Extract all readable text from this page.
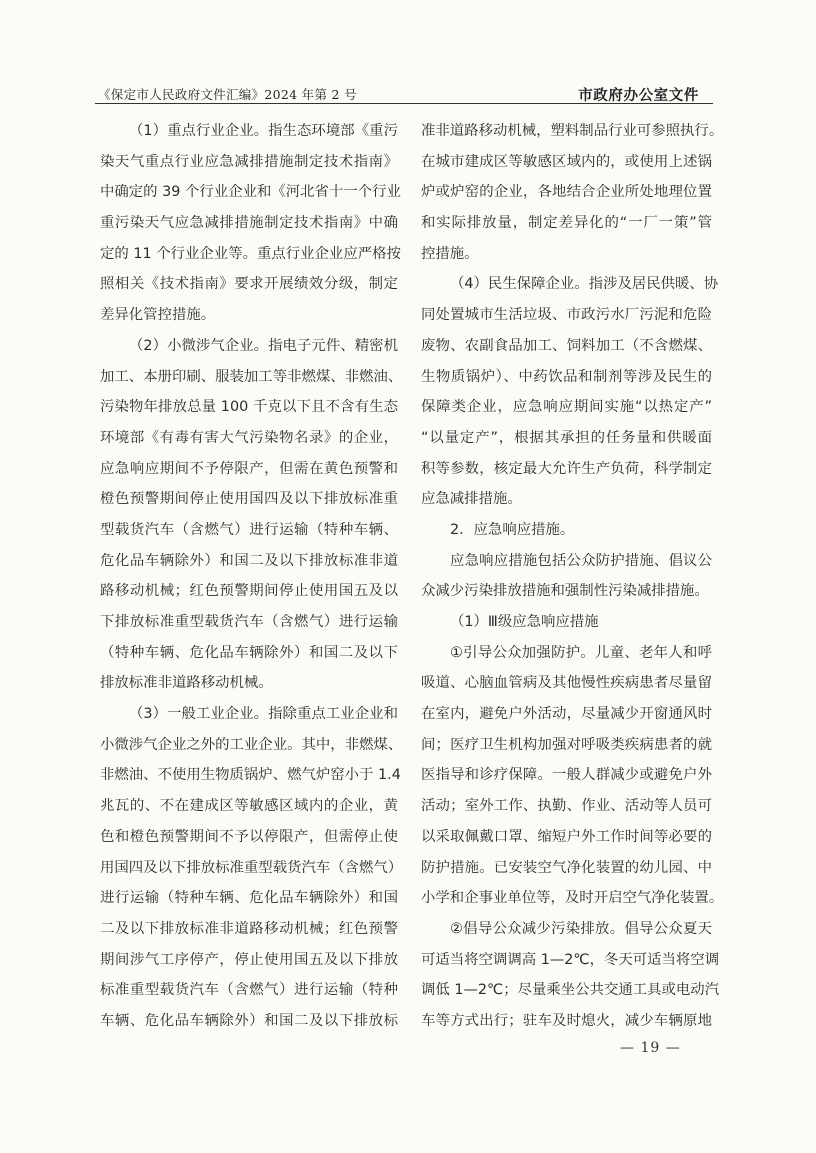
《保定市人民政府文件汇编》2024 年第 2 号	市政府办公室文件
（1）重点行业企业。指生态环境部《重污
染天气重点行业应急减排措施制定技术指南》
中确定的 39 个行业企业和《河北省十一个行业
重污染天气应急减排措施制定技术指南》中确
定的 11 个行业企业等。重点行业企业应严格按
照相关《技术指南》要求开展绩效分级，制定
差异化管控措施。
（2）小微涉气企业。指电子元件、精密机
加工、本册印刷、服装加工等非燃煤、非燃油、
污染物年排放总量 100 千克以下且不含有生态
环境部《有毒有害大气污染物名录》的企业，
应急响应期间不予停限产，但需在黄色预警和
橙色预警期间停止使用国四及以下排放标准重
型载货汽车（含燃气）进行运输（特种车辆、
危化品车辆除外）和国二及以下排放标准非道
路移动机械；红色预警期间停止使用国五及以
下排放标准重型载货汽车（含燃气）进行运输
（特种车辆、危化品车辆除外）和国二及以下
排放标准非道路移动机械。
（3）一般工业企业。指除重点工业企业和
小微涉气企业之外的工业企业。其中，非燃煤、
非燃油、不使用生物质锅炉、燃气炉窑小于 1.4
兆瓦的、不在建成区等敏感区域内的企业，黄
色和橙色预警期间不予以停限产，但需停止使
用国四及以下排放标准重型载货汽车（含燃气）
进行运输（特种车辆、危化品车辆除外）和国
二及以下排放标准非道路移动机械；红色预警
期间涉气工序停产，停止使用国五及以下排放
标准重型载货汽车（含燃气）进行运输（特种
车辆、危化品车辆除外）和国二及以下排放标
准非道路移动机械，塑料制品行业可参照执行。
在城市建成区等敏感区域内的，或使用上述锅
炉或炉窑的企业，各地结合企业所处地理位置
和实际排放量，制定差异化的“一厂一策”管
控措施。
（4）民生保障企业。指涉及居民供暖、协
同处置城市生活垃圾、市政污水厂污泥和危险
废物、农副食品加工、饲料加工（不含燃煤、
生物质锅炉）、中药饮品和制剂等涉及民生的
保障类企业，应急响应期间实施“以热定产”
“以量定产”，根据其承担的任务量和供暖面
积等参数，核定最大允许生产负荷，科学制定
应急减排措施。
2．应急响应措施。
应急响应措施包括公众防护措施、倡议公
众减少污染排放措施和强制性污染减排措施。
（1）Ⅲ级应急响应措施
①引导公众加强防护。儿童、老年人和呼
吸道、心脑血管病及其他慢性疾病患者尽量留
在室内，避免户外活动，尽量减少开窗通风时
间；医疗卫生机构加强对呼吸类疾病患者的就
医指导和诊疗保障。一般人群减少或避免户外
活动；室外工作、执勤、作业、活动等人员可
以采取佩戴口罩、缩短户外工作时间等必要的
防护措施。已安装空气净化装置的幼儿园、中
小学和企事业单位等，及时开启空气净化装置。
②倡导公众减少污染排放。倡导公众夏天
可适当将空调调高 1—2℃，冬天可适当将空调
调低 1—2℃；尽量乘坐公共交通工具或电动汽
车等方式出行；驻车及时熄火，减少车辆原地
— 19 —
